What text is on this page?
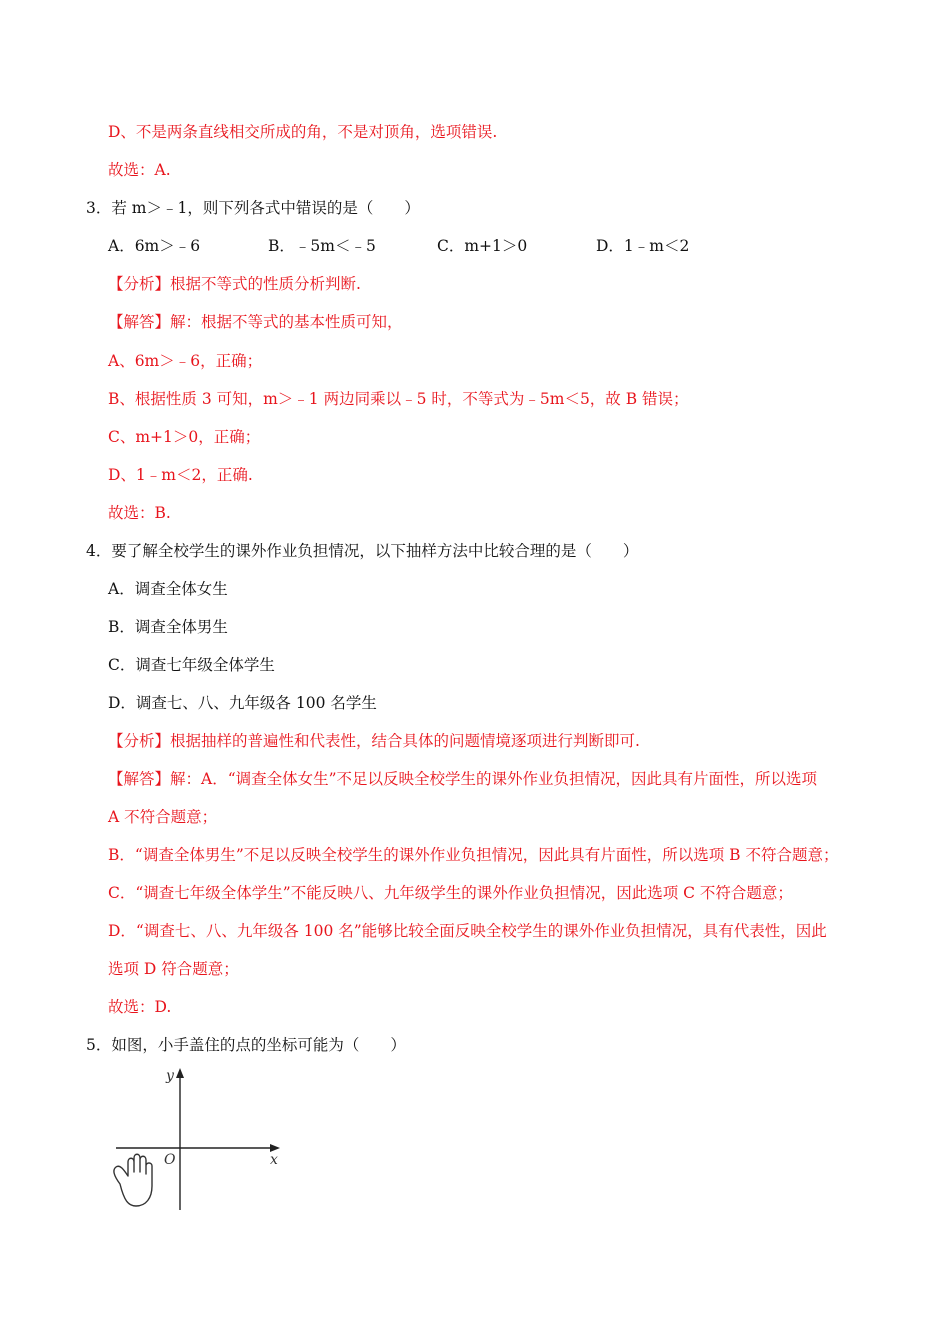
D、不是两条直线相交所成的角，不是对顶角，选项错误.
故选：A.
3．若 m＞﹣1，则下列各式中错误的是（　　）
A．6m＞﹣6	B．﹣5m＜﹣5	C．m+1＞0	D．1﹣m＜2
【分析】根据不等式的性质分析判断.
【解答】解：根据不等式的基本性质可知，
A、6m＞﹣6，正确；
B、根据性质 3 可知，m＞﹣1 两边同乘以﹣5 时，不等式为﹣5m＜5，故 B 错误；
C、m+1＞0，正确；
D、1﹣m＜2，正确.
故选：B.
4．要了解全校学生的课外作业负担情况，以下抽样方法中比较合理的是（　　）
A．调查全体女生
B．调查全体男生
C．调查七年级全体学生
D．调查七、八、九年级各 100 名学生
【分析】根据抽样的普遍性和代表性，结合具体的问题情境逐项进行判断即可.
【解答】解：A．“调查全体女生”不足以反映全校学生的课外作业负担情况，因此具有片面性，所以选项
A 不符合题意；
B．“调查全体男生”不足以反映全校学生的课外作业负担情况，因此具有片面性，所以选项 B 不符合题意；
C．“调查七年级全体学生”不能反映八、九年级学生的课外作业负担情况，因此选项 C 不符合题意；
D．“调查七、八、九年级各 100 名”能够比较全面反映全校学生的课外作业负担情况，具有代表性，因此
选项 D 符合题意；
故选：D.
5．如图，小手盖住的点的坐标可能为（　　）
y
x
O
